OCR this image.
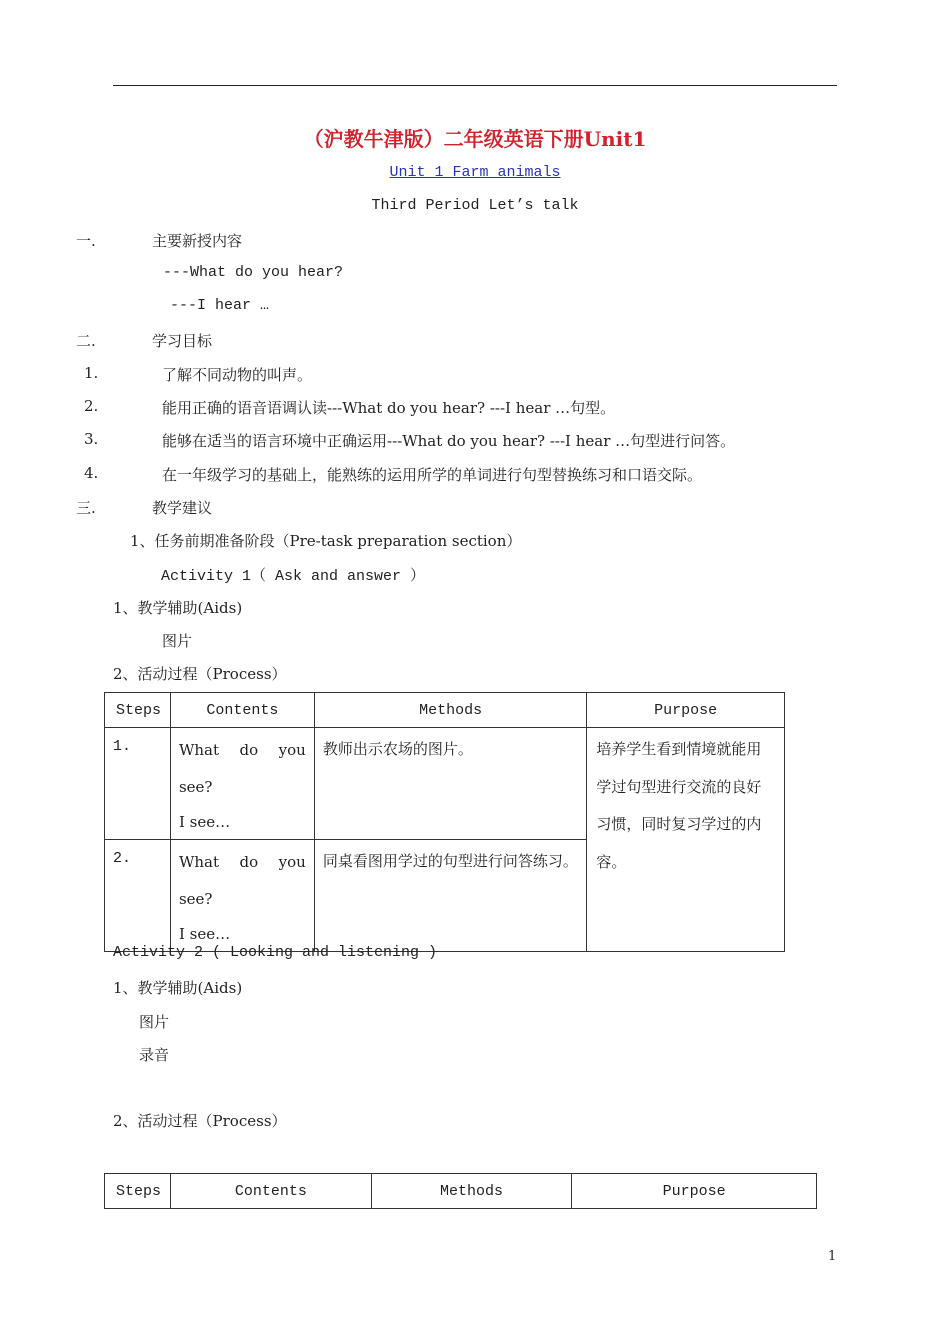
（沪教牛津版）二年级英语下册Unit1
Unit 1 Farm animals
Third Period Let’s talk
一.	主要新授内容
---What do you hear?
---I hear …
二.	学习目标
1.	了解不同动物的叫声。
2.	能用正确的语音语调认读---What do you hear? ---I hear …句型。
3.	能够在适当的语言环境中正确运用---What do you hear? ---I hear …句型进行问答。
4.	在一年级学习的基础上，能熟练的运用所学的单词进行句型替换练习和口语交际。
三.	教学建议
1、任务前期准备阶段（Pre-task preparation section）
Activity 1（ Ask and answer ）
1、教学辅助(Aids)
图片
2、活动过程（Process）
Steps	Contents	Methods	Purpose
1.	What do you
see?
I see…	教师出示农场的图片。	培养学生看到情境就能用学过句型进行交流的良好习惯，同时复习学过的内容。
2.	What do you
see?
I see…	同桌看图用学过的句型进行问答练习。	
Activity 2 ( Looking and listening )
1、教学辅助(Aids)
图片
录音
2、活动过程（Process）
Steps	Contents	Methods	Purpose
1
